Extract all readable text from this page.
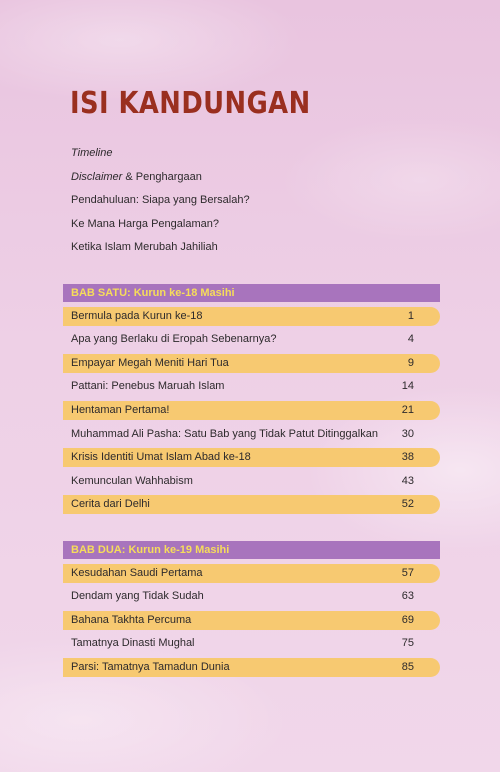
ISI KANDUNGAN
Timeline
Disclaimer & Penghargaan
Pendahuluan: Siapa yang Bersalah?
Ke Mana Harga Pengalaman?
Ketika Islam Merubah Jahiliah
BAB SATU: Kurun ke-18 Masihi
Bermula pada Kurun ke-18	1
Apa yang Berlaku di Eropah Sebenarnya?	4
Empayar Megah Meniti Hari Tua	9
Pattani: Penebus Maruah Islam	14
Hentaman Pertama!	21
Muhammad Ali Pasha: Satu Bab yang Tidak Patut Ditinggalkan 30
Krisis Identiti Umat Islam Abad ke-18	38
Kemunculan Wahhabism	43
Cerita dari Delhi	52
BAB DUA: Kurun ke-19 Masihi
Kesudahan Saudi Pertama	57
Dendam yang Tidak Sudah	63
Bahana Takhta Percuma	69
Tamatnya Dinasti Mughal	75
Parsi: Tamatnya Tamadun Dunia	85
